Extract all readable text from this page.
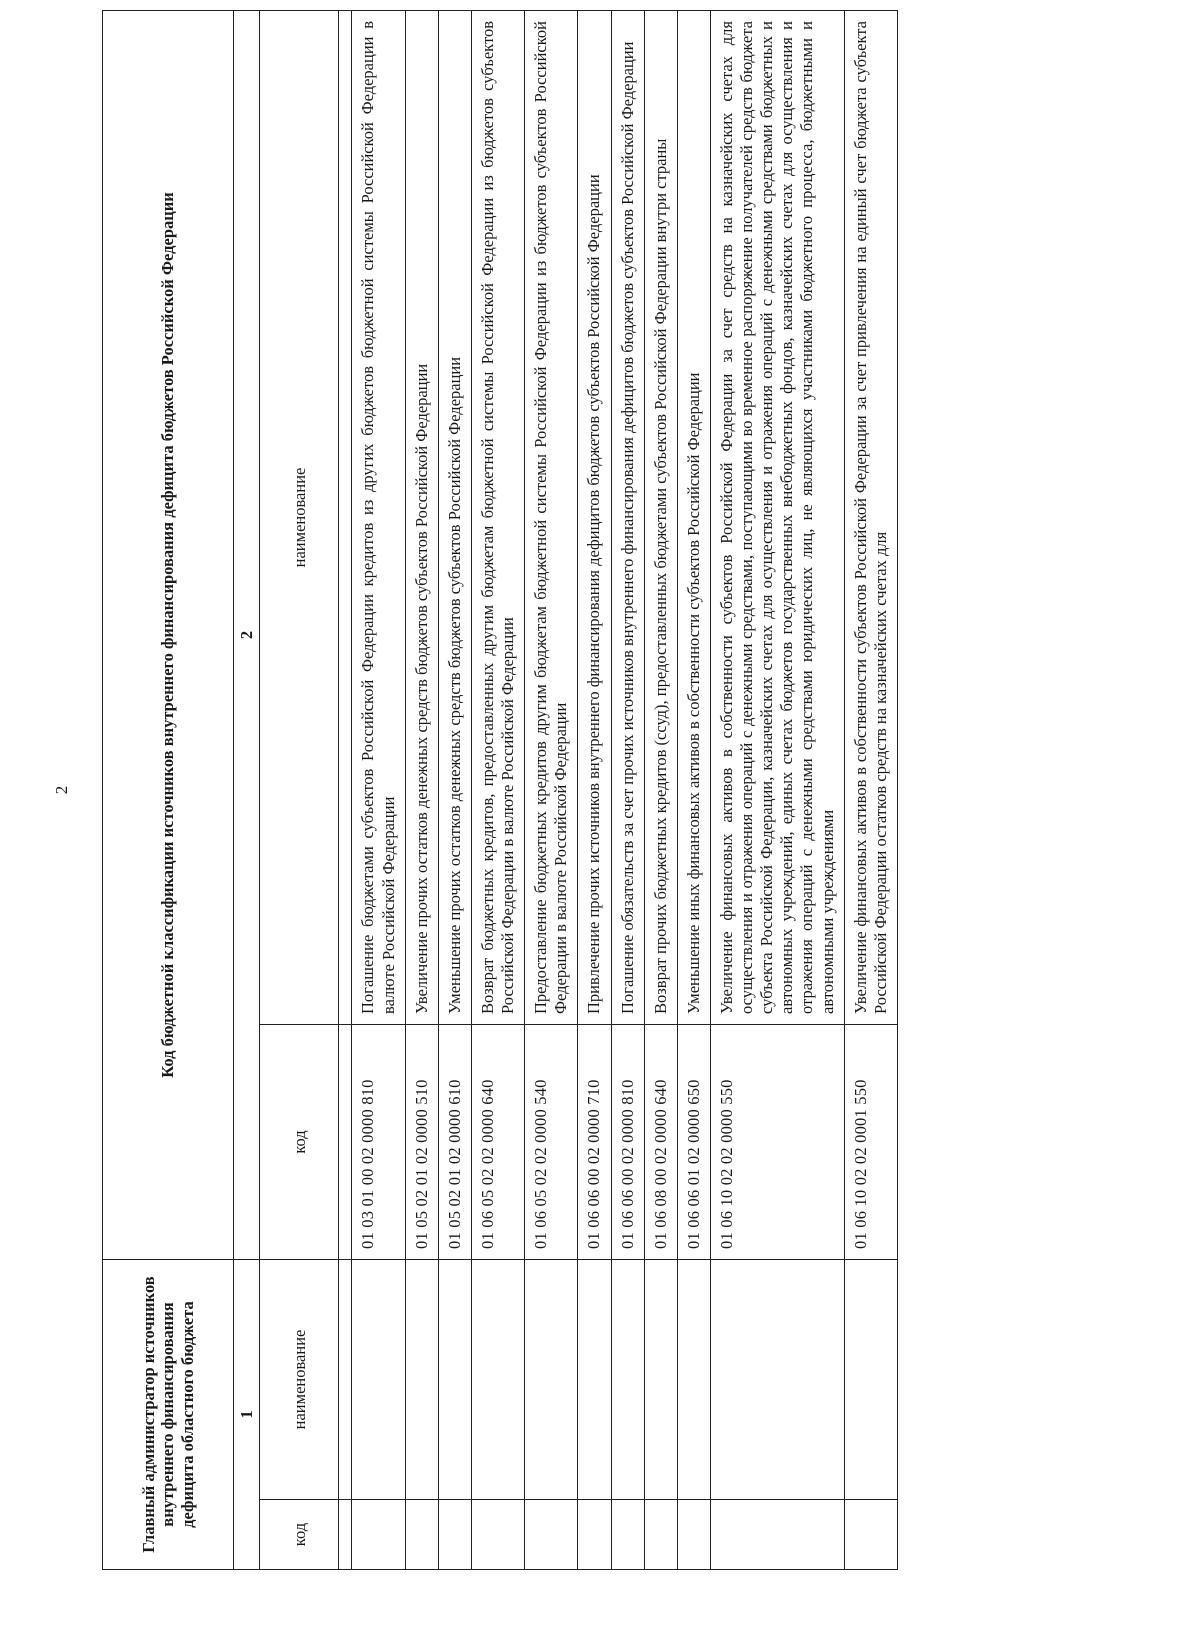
2
Главный администратор источников внутреннего финансирования дефицита областного бюджета		Код бюджетной классификации источников внутреннего финансирования дефицита бюджетов Российской Федерации	
1		2	
код	наименование	код	наименование

		01 03 01 00 02 0000 810	Погашение бюджетами субъектов Российской Федерации кредитов из других бюджетов бюджетной системы Российской Федерации в валюте Российской Федерации
		01 05 02 01 02 0000 510	Увеличение прочих остатков денежных средств бюджетов субъектов Российской Федерации
		01 05 02 01 02 0000 610	Уменьшение прочих остатков денежных средств бюджетов субъектов Российской Федерации
		01 06 05 02 02 0000 640	Возврат бюджетных кредитов, предоставленных другим бюджетам бюджетной системы Российской Федерации из бюджетов субъектов Российской Федерации в валюте Российской Федерации
		01 06 05 02 02 0000 540	Предоставление бюджетных кредитов другим бюджетам бюджетной системы Российской Федерации из бюджетов субъектов Российской Федерации в валюте Российской Федерации
		01 06 06 00 02 0000 710	Привлечение прочих источников внутреннего финансирования дефицитов бюджетов субъектов Российской Федерации
		01 06 06 00 02 0000 810	Погашение обязательств за счет прочих источников внутреннего финансирования дефицитов бюджетов субъектов Российской Федерации
		01 06 08 00 02 0000 640	Возврат прочих бюджетных кредитов (ссуд), предоставленных бюджетами субъектов Российской Федерации внутри страны
		01 06 06 01 02 0000 650	Уменьшение иных финансовых активов в собственности субъектов Российской Федерации
		01 06 10 02 02 0000 550	Увеличение финансовых активов в собственности субъектов Российской Федерации за счет средств на казначейских счетах для осуществления и отражения операций с денежными средствами, поступающими во временное распоряжение получателей средств бюджета субъекта Российской Федерации, казначейских счетах для осуществления и отражения операций с денежными средствами бюджетных и автономных учреждений, единых счетах бюджетов государственных внебюджетных фондов, казначейских счетах для осуществления и отражения операций с денежными средствами юридических лиц, не являющихся участниками бюджетного процесса, бюджетными и автономными учреждениями
		01 06 10 02 02 0001 550	Увеличение финансовых активов в собственности субъектов Российской Федерации за счет привлечения на единый счет бюджета субъекта Российской Федерации остатков средств на казначейских счетах для
